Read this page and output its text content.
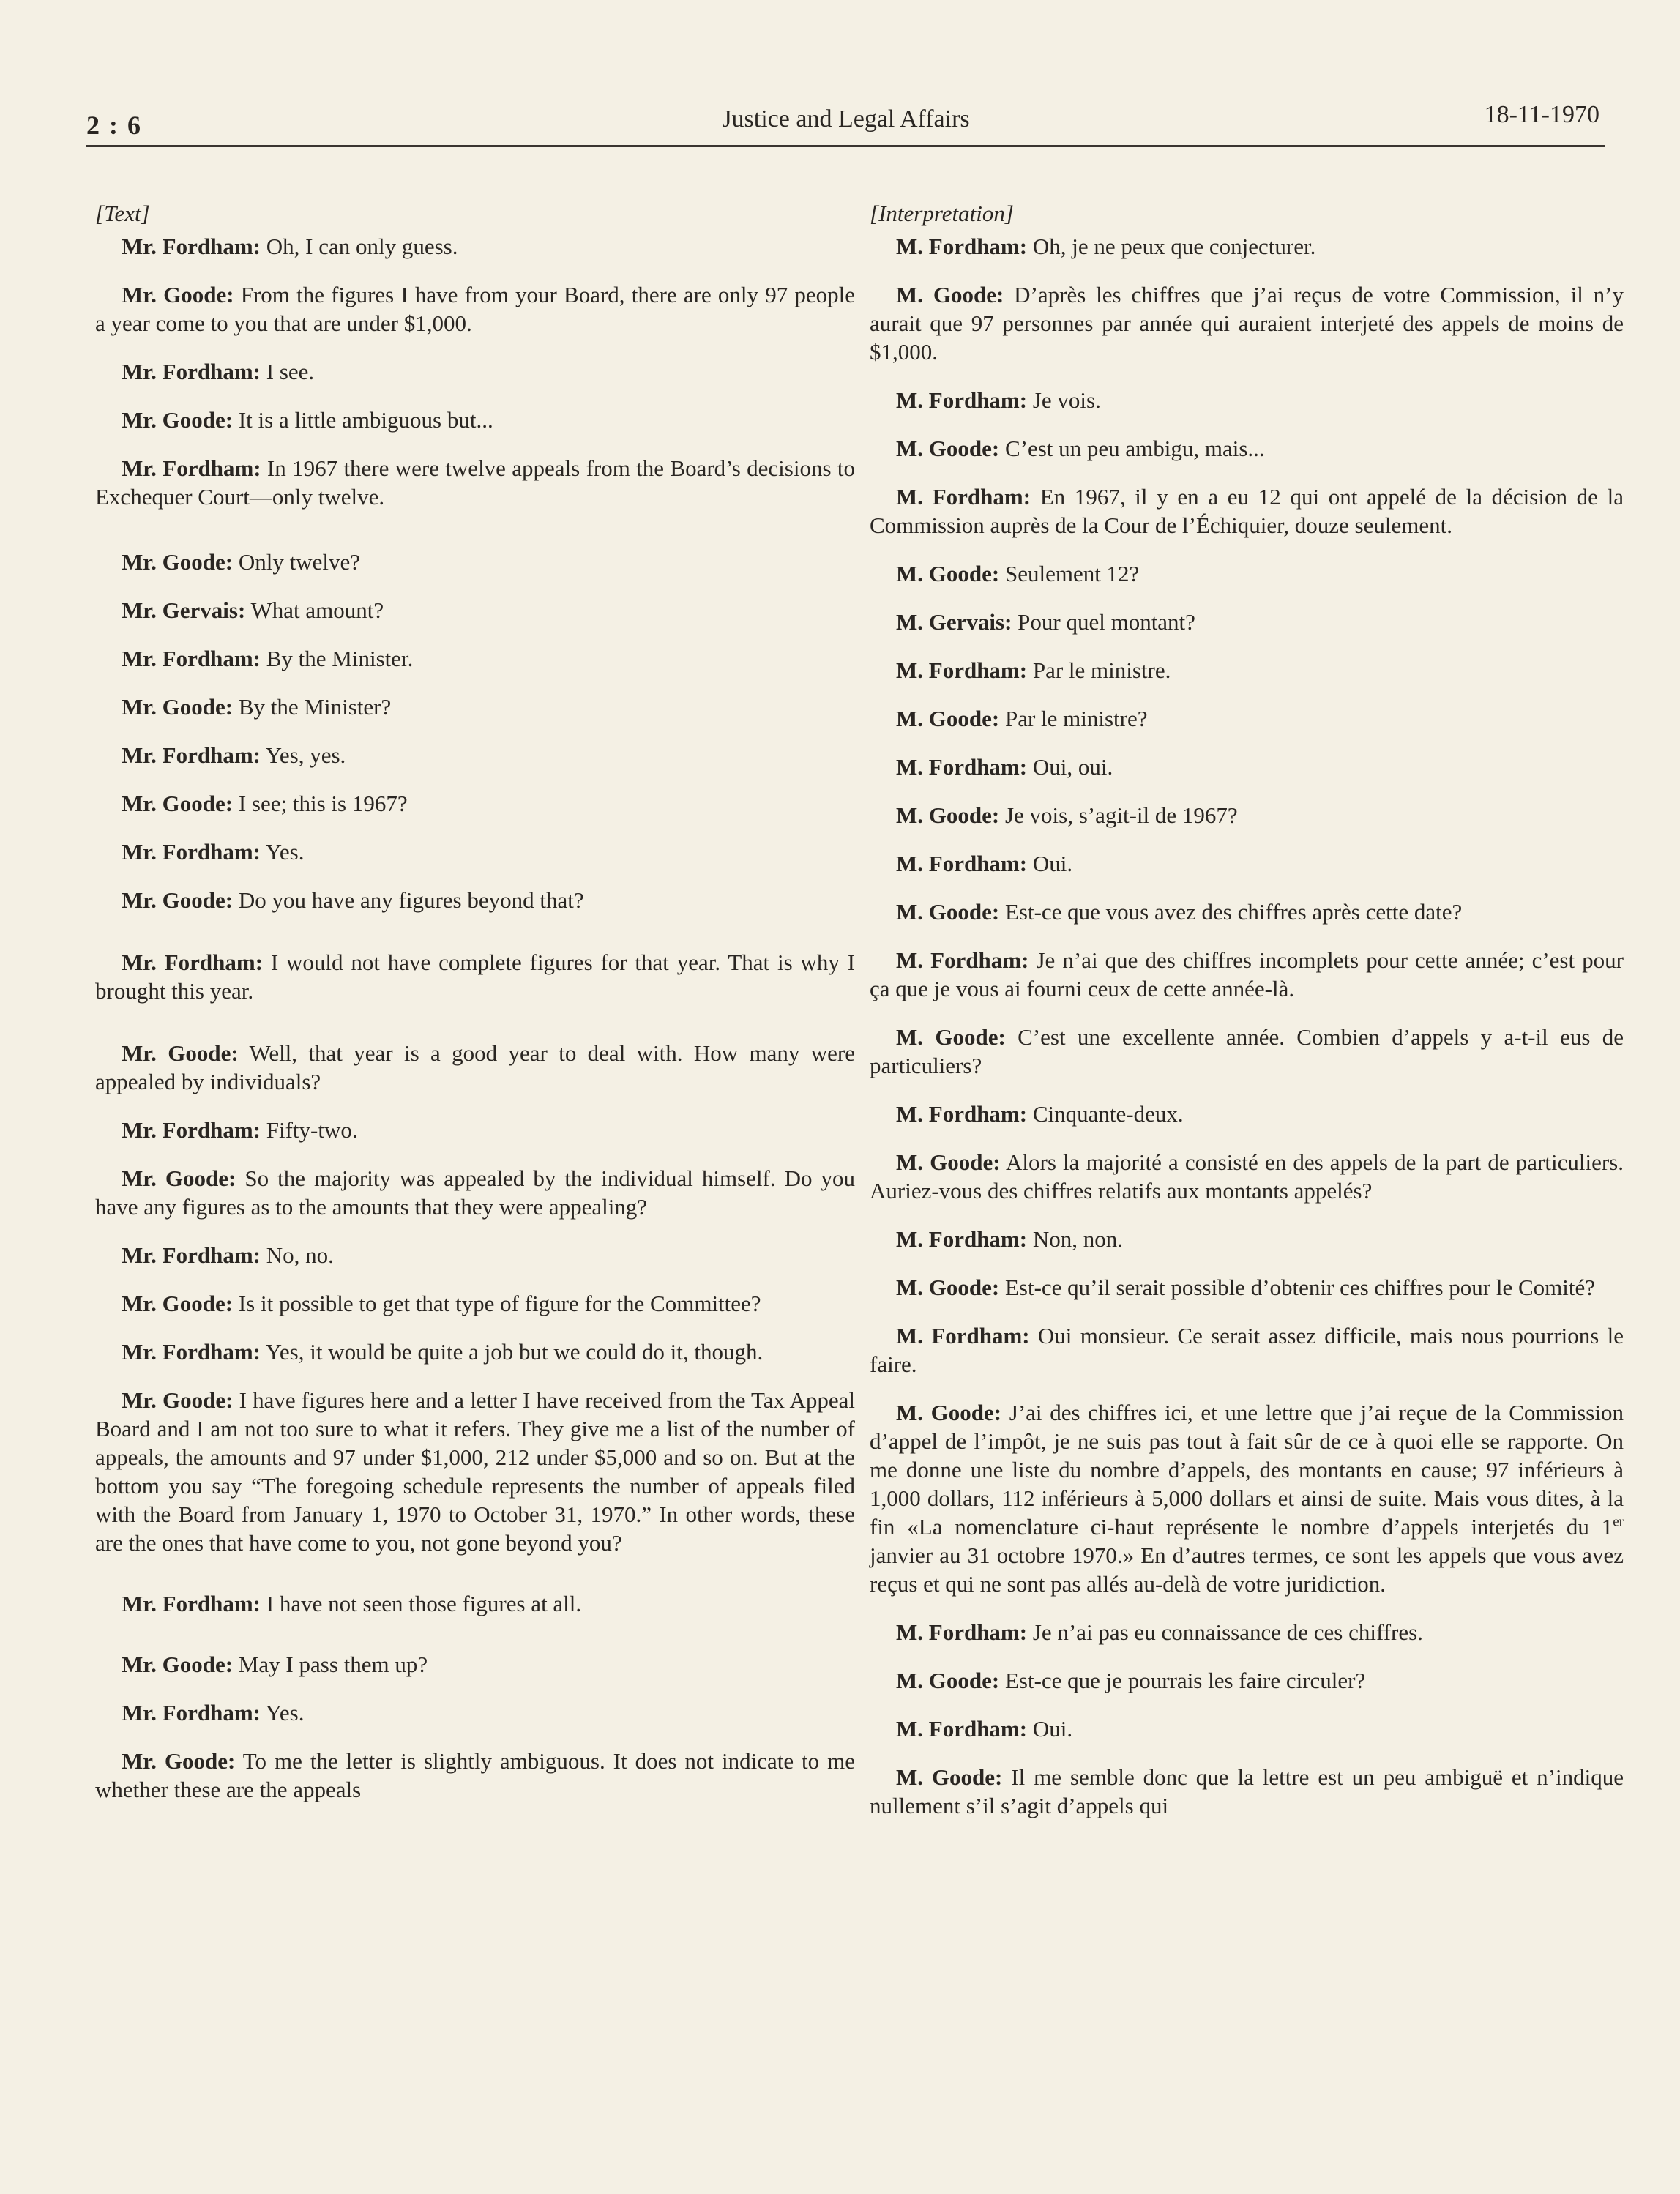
2 : 6	Justice and Legal Affairs	18-11-1970
[Text]

Mr. Fordham: Oh, I can only guess.

Mr. Goode: From the figures I have from your Board, there are only 97 people a year come to you that are under $1,000.

Mr. Fordham: I see.

Mr. Goode: It is a little ambiguous but...

Mr. Fordham: In 1967 there were twelve appeals from the Board’s decisions to Exchequer Court—only twelve.

Mr. Goode: Only twelve?

Mr. Gervais: What amount?

Mr. Fordham: By the Minister.

Mr. Goode: By the Minister?

Mr. Fordham: Yes, yes.

Mr. Goode: I see; this is 1967?

Mr. Fordham: Yes.

Mr. Goode: Do you have any figures beyond that?

Mr. Fordham: I would not have complete figures for that year. That is why I brought this year.

Mr. Goode: Well, that year is a good year to deal with. How many were appealed by individuals?

Mr. Fordham: Fifty-two.

Mr. Goode: So the majority was appealed by the individual himself. Do you have any figures as to the amounts that they were appealing?

Mr. Fordham: No, no.

Mr. Goode: Is it possible to get that type of figure for the Committee?

Mr. Fordham: Yes, it would be quite a job but we could do it, though.

Mr. Goode: I have figures here and a letter I have received from the Tax Appeal Board and I am not too sure to what it refers. They give me a list of the number of appeals, the amounts and 97 under $1,000, 212 under $5,000 and so on. But at the bottom you say “The foregoing schedule represents the number of appeals filed with the Board from January 1, 1970 to October 31, 1970.” In other words, these are the ones that have come to you, not gone beyond you?

Mr. Fordham: I have not seen those figures at all.

Mr. Goode: May I pass them up?

Mr. Fordham: Yes.

Mr. Goode: To me the letter is slightly ambiguous. It does not indicate to me whether these are the appeals

[Interpretation]

M. Fordham: Oh, je ne peux que conjecturer.

M. Goode: D’après les chiffres que j’ai reçus de votre Commission, il n’y aurait que 97 personnes par année qui auraient interjeté des appels de moins de $1,000.

M. Fordham: Je vois.

M. Goode: C’est un peu ambigu, mais...

M. Fordham: En 1967, il y en a eu 12 qui ont appelé de la décision de la Commission auprès de la Cour de l’Échiquier, douze seulement.

M. Goode: Seulement 12?

M. Gervais: Pour quel montant?

M. Fordham: Par le ministre.

M. Goode: Par le ministre?

M. Fordham: Oui, oui.

M. Goode: Je vois, s’agit-il de 1967?

M. Fordham: Oui.

M. Goode: Est-ce que vous avez des chiffres après cette date?

M. Fordham: Je n’ai que des chiffres incomplets pour cette année; c’est pour ça que je vous ai fourni ceux de cette année-là.

M. Goode: C’est une excellente année. Combien d’appels y a-t-il eus de particuliers?

M. Fordham: Cinquante-deux.

M. Goode: Alors la majorité a consisté en des appels de la part de particuliers. Auriez-vous des chiffres relatifs aux montants appelés?

M. Fordham: Non, non.

M. Goode: Est-ce qu’il serait possible d’obtenir ces chiffres pour le Comité?

M. Fordham: Oui monsieur. Ce serait assez difficile, mais nous pourrions le faire.

M. Goode: J’ai des chiffres ici, et une lettre que j’ai reçue de la Commission d’appel de l’impôt, je ne suis pas tout à fait sûr de ce à quoi elle se rapporte. On me donne une liste du nombre d’appels, des montants en cause; 97 inférieurs à 1,000 dollars, 112 inférieurs à 5,000 dollars et ainsi de suite. Mais vous dites, à la fin «La nomenclature ci-haut représente le nombre d’appels interjetés du 1er janvier au 31 octobre 1970.» En d’autres termes, ce sont les appels que vous avez reçus et qui ne sont pas allés au-delà de votre juridiction.

M. Fordham: Je n’ai pas eu connaissance de ces chiffres.

M. Goode: Est-ce que je pourrais les faire circuler?

M. Fordham: Oui.

M. Goode: Il me semble donc que la lettre est un peu ambiguë et n’indique nullement s’il s’agit d’appels qui
